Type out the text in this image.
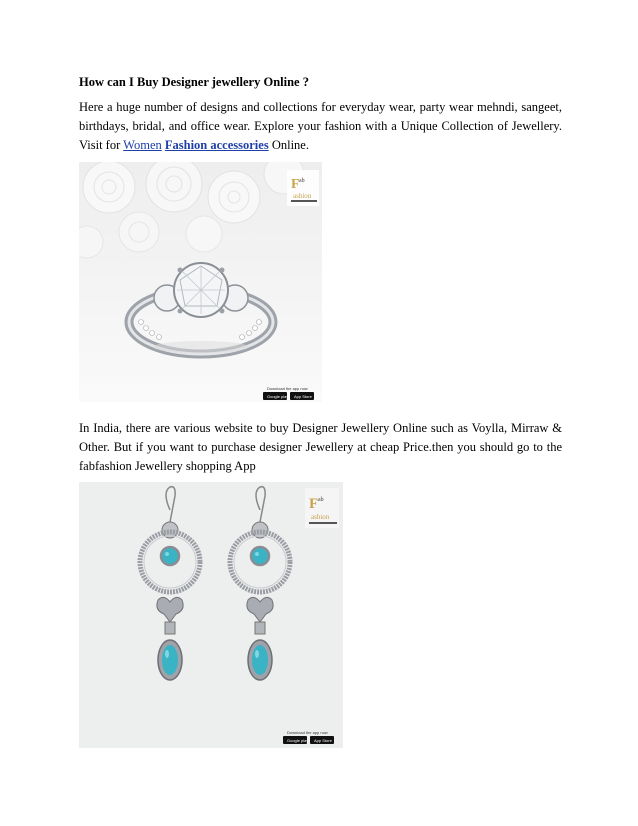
How can I Buy Designer jewellery Online ?
Here a huge number of designs and collections for everyday wear, party wear mehndi, sangeet, birthdays, bridal, and office wear. Explore your fashion with a Unique Collection of Jewellery. Visit for Women Fashion accessories Online.
F ab
ashion
Download the app now
Google play App Store
In India, there are various website to buy Designer Jewellery Online such as Voylla, Mirraw & Other. But if you want to purchase designer Jewellery at cheap Price.then you should go to the fabfashion Jewellery shopping App
F ab
ashion
Download the app now
Google play App Store
